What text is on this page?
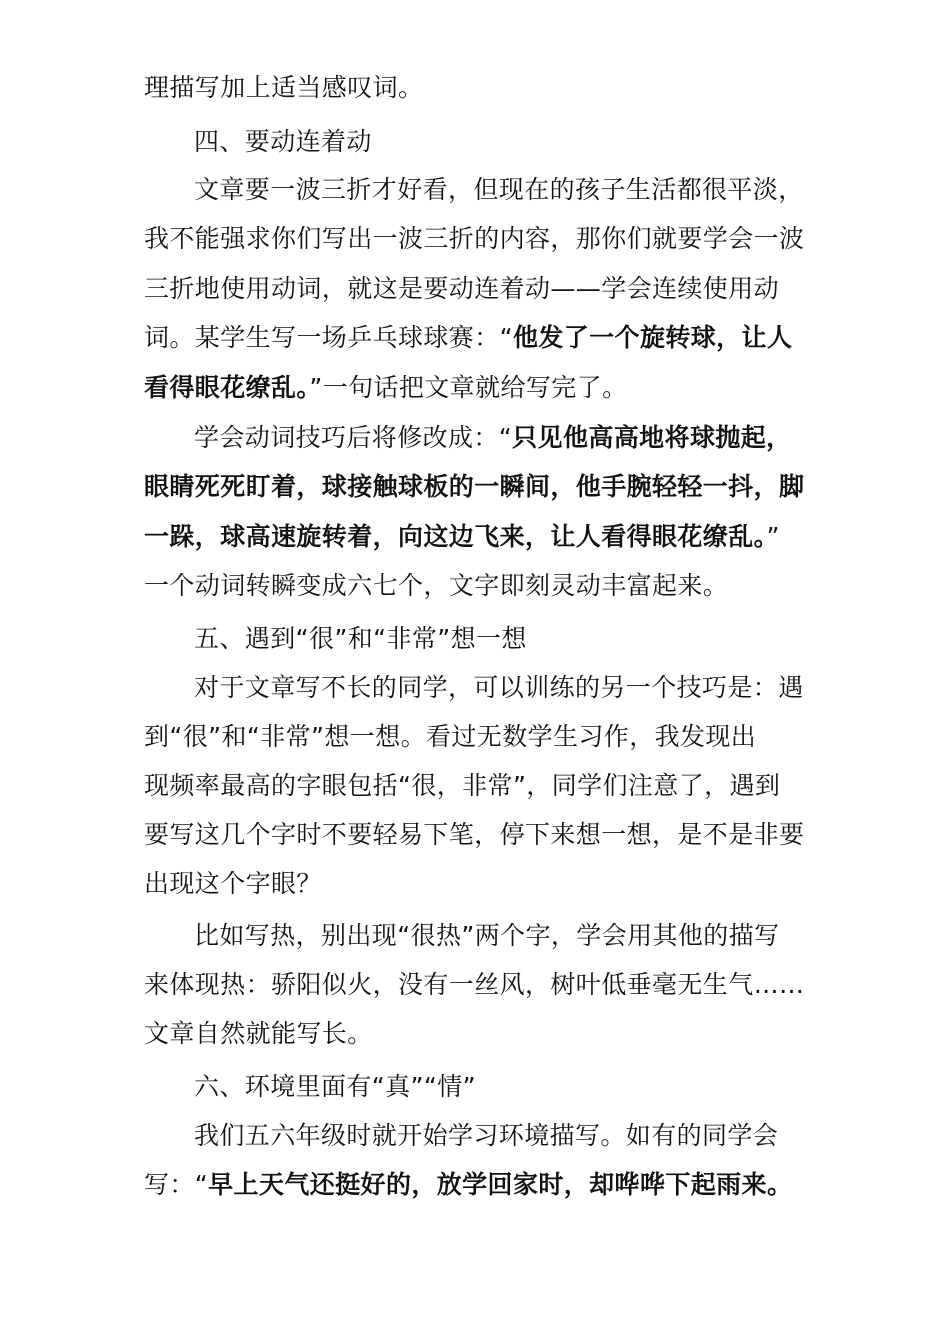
理描写加上适当感叹词。
四、要动连着动
文章要一波三折才好看，但现在的孩子生活都很平淡，
我不能强求你们写出一波三折的内容，那你们就要学会一波
三折地使用动词，就这是要动连着动——学会连续使用动
词。某学生写一场乒乓球球赛：“他发了一个旋转球，让人
看得眼花缭乱。”一句话把文章就给写完了。
学会动词技巧后将修改成：“只见他高高地将球抛起，
眼睛死死盯着，球接触球板的一瞬间，他手腕轻轻一抖，脚
一跺，球高速旋转着，向这边飞来，让人看得眼花缭乱。”
一个动词转瞬变成六七个，文字即刻灵动丰富起来。
五、遇到“很”和“非常”想一想
对于文章写不长的同学，可以训练的另一个技巧是：遇
到“很”和“非常”想一想。看过无数学生习作，我发现出
现频率最高的字眼包括“很，非常”，同学们注意了，遇到
要写这几个字时不要轻易下笔，停下来想一想，是不是非要
出现这个字眼？
比如写热，别出现“很热”两个字，学会用其他的描写
来体现热：骄阳似火，没有一丝风，树叶低垂毫无生气……
文章自然就能写长。
六、环境里面有“真”“情”
我们五六年级时就开始学习环境描写。如有的同学会
写：“早上天气还挺好的，放学回家时，却哗哗下起雨来。
